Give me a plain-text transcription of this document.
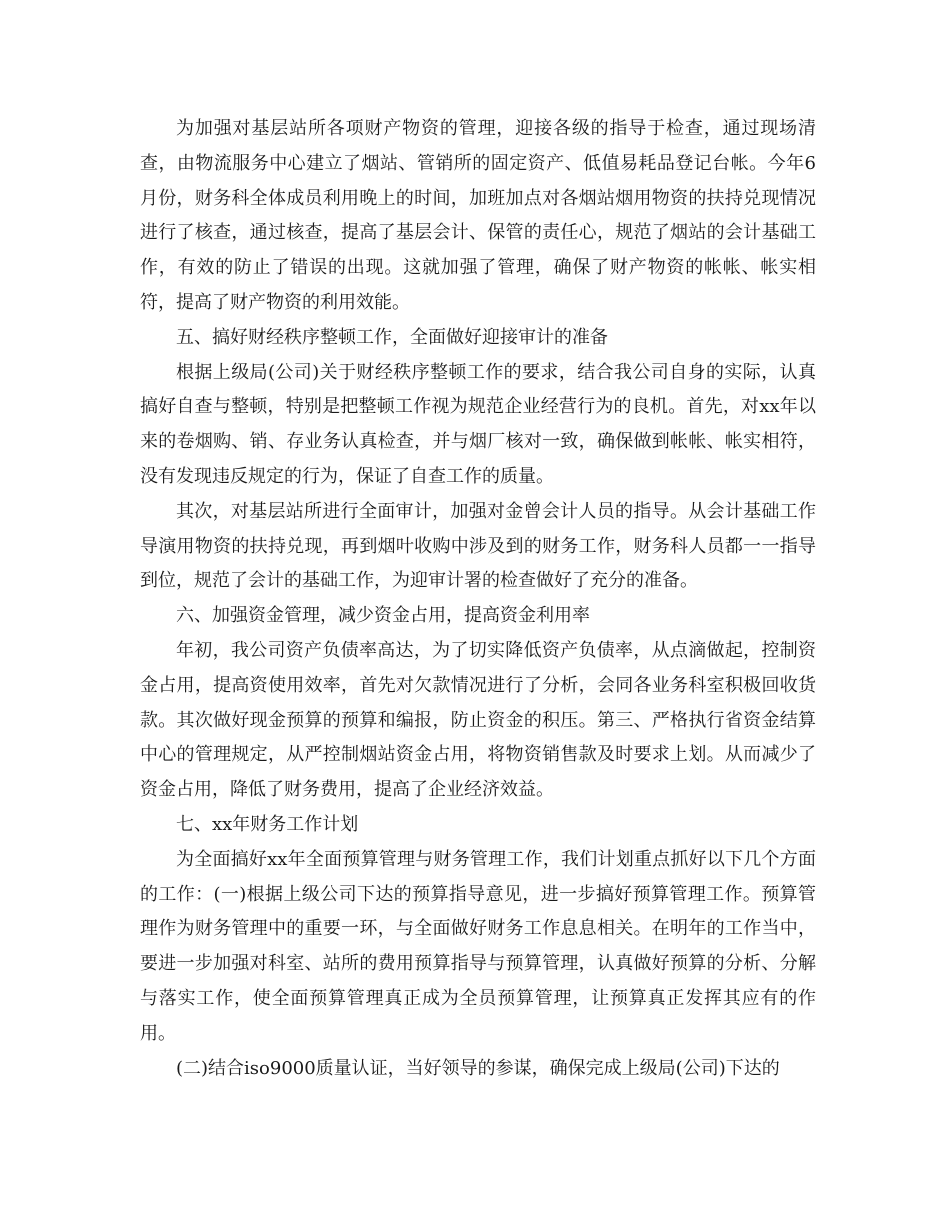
为加强对基层站所各项财产物资的管理，迎接各级的指导于检查，通过现场清查，由物流服务中心建立了烟站、管销所的固定资产、低值易耗品登记台帐。今年6月份，财务科全体成员利用晚上的时间，加班加点对各烟站烟用物资的扶持兑现情况进行了核查，通过核查，提高了基层会计、保管的责任心，规范了烟站的会计基础工作，有效的防止了错误的出现。这就加强了管理，确保了财产物资的帐帐、帐实相符，提高了财产物资的利用效能。

五、搞好财经秩序整顿工作，全面做好迎接审计的准备

根据上级局(公司)关于财经秩序整顿工作的要求，结合我公司自身的实际，认真搞好自查与整顿，特别是把整顿工作视为规范企业经营行为的良机。首先，对xx年以来的卷烟购、销、存业务认真检查，并与烟厂核对一致，确保做到帐帐、帐实相符，没有发现违反规定的行为，保证了自查工作的质量。

其次，对基层站所进行全面审计，加强对金曾会计人员的指导。从会计基础工作导演用物资的扶持兑现，再到烟叶收购中涉及到的财务工作，财务科人员都一一指导到位，规范了会计的基础工作，为迎审计署的检查做好了充分的准备。

六、加强资金管理，减少资金占用，提高资金利用率

年初，我公司资产负债率高达，为了切实降低资产负债率，从点滴做起，控制资金占用，提高资使用效率，首先对欠款情况进行了分析，会同各业务科室积极回收货款。其次做好现金预算的预算和编报，防止资金的积压。第三、严格执行省资金结算中心的管理规定，从严控制烟站资金占用，将物资销售款及时要求上划。从而减少了资金占用，降低了财务费用，提高了企业经济效益。

七、xx年财务工作计划

为全面搞好xx年全面预算管理与财务管理工作，我们计划重点抓好以下几个方面的工作：(一)根据上级公司下达的预算指导意见，进一步搞好预算管理工作。预算管理作为财务管理中的重要一环，与全面做好财务工作息息相关。在明年的工作当中，要进一步加强对科室、站所的费用预算指导与预算管理，认真做好预算的分析、分解与落实工作，使全面预算管理真正成为全员预算管理，让预算真正发挥其应有的作用。

(二)结合iso9000质量认证，当好领导的参谋，确保完成上级局(公司)下达的
